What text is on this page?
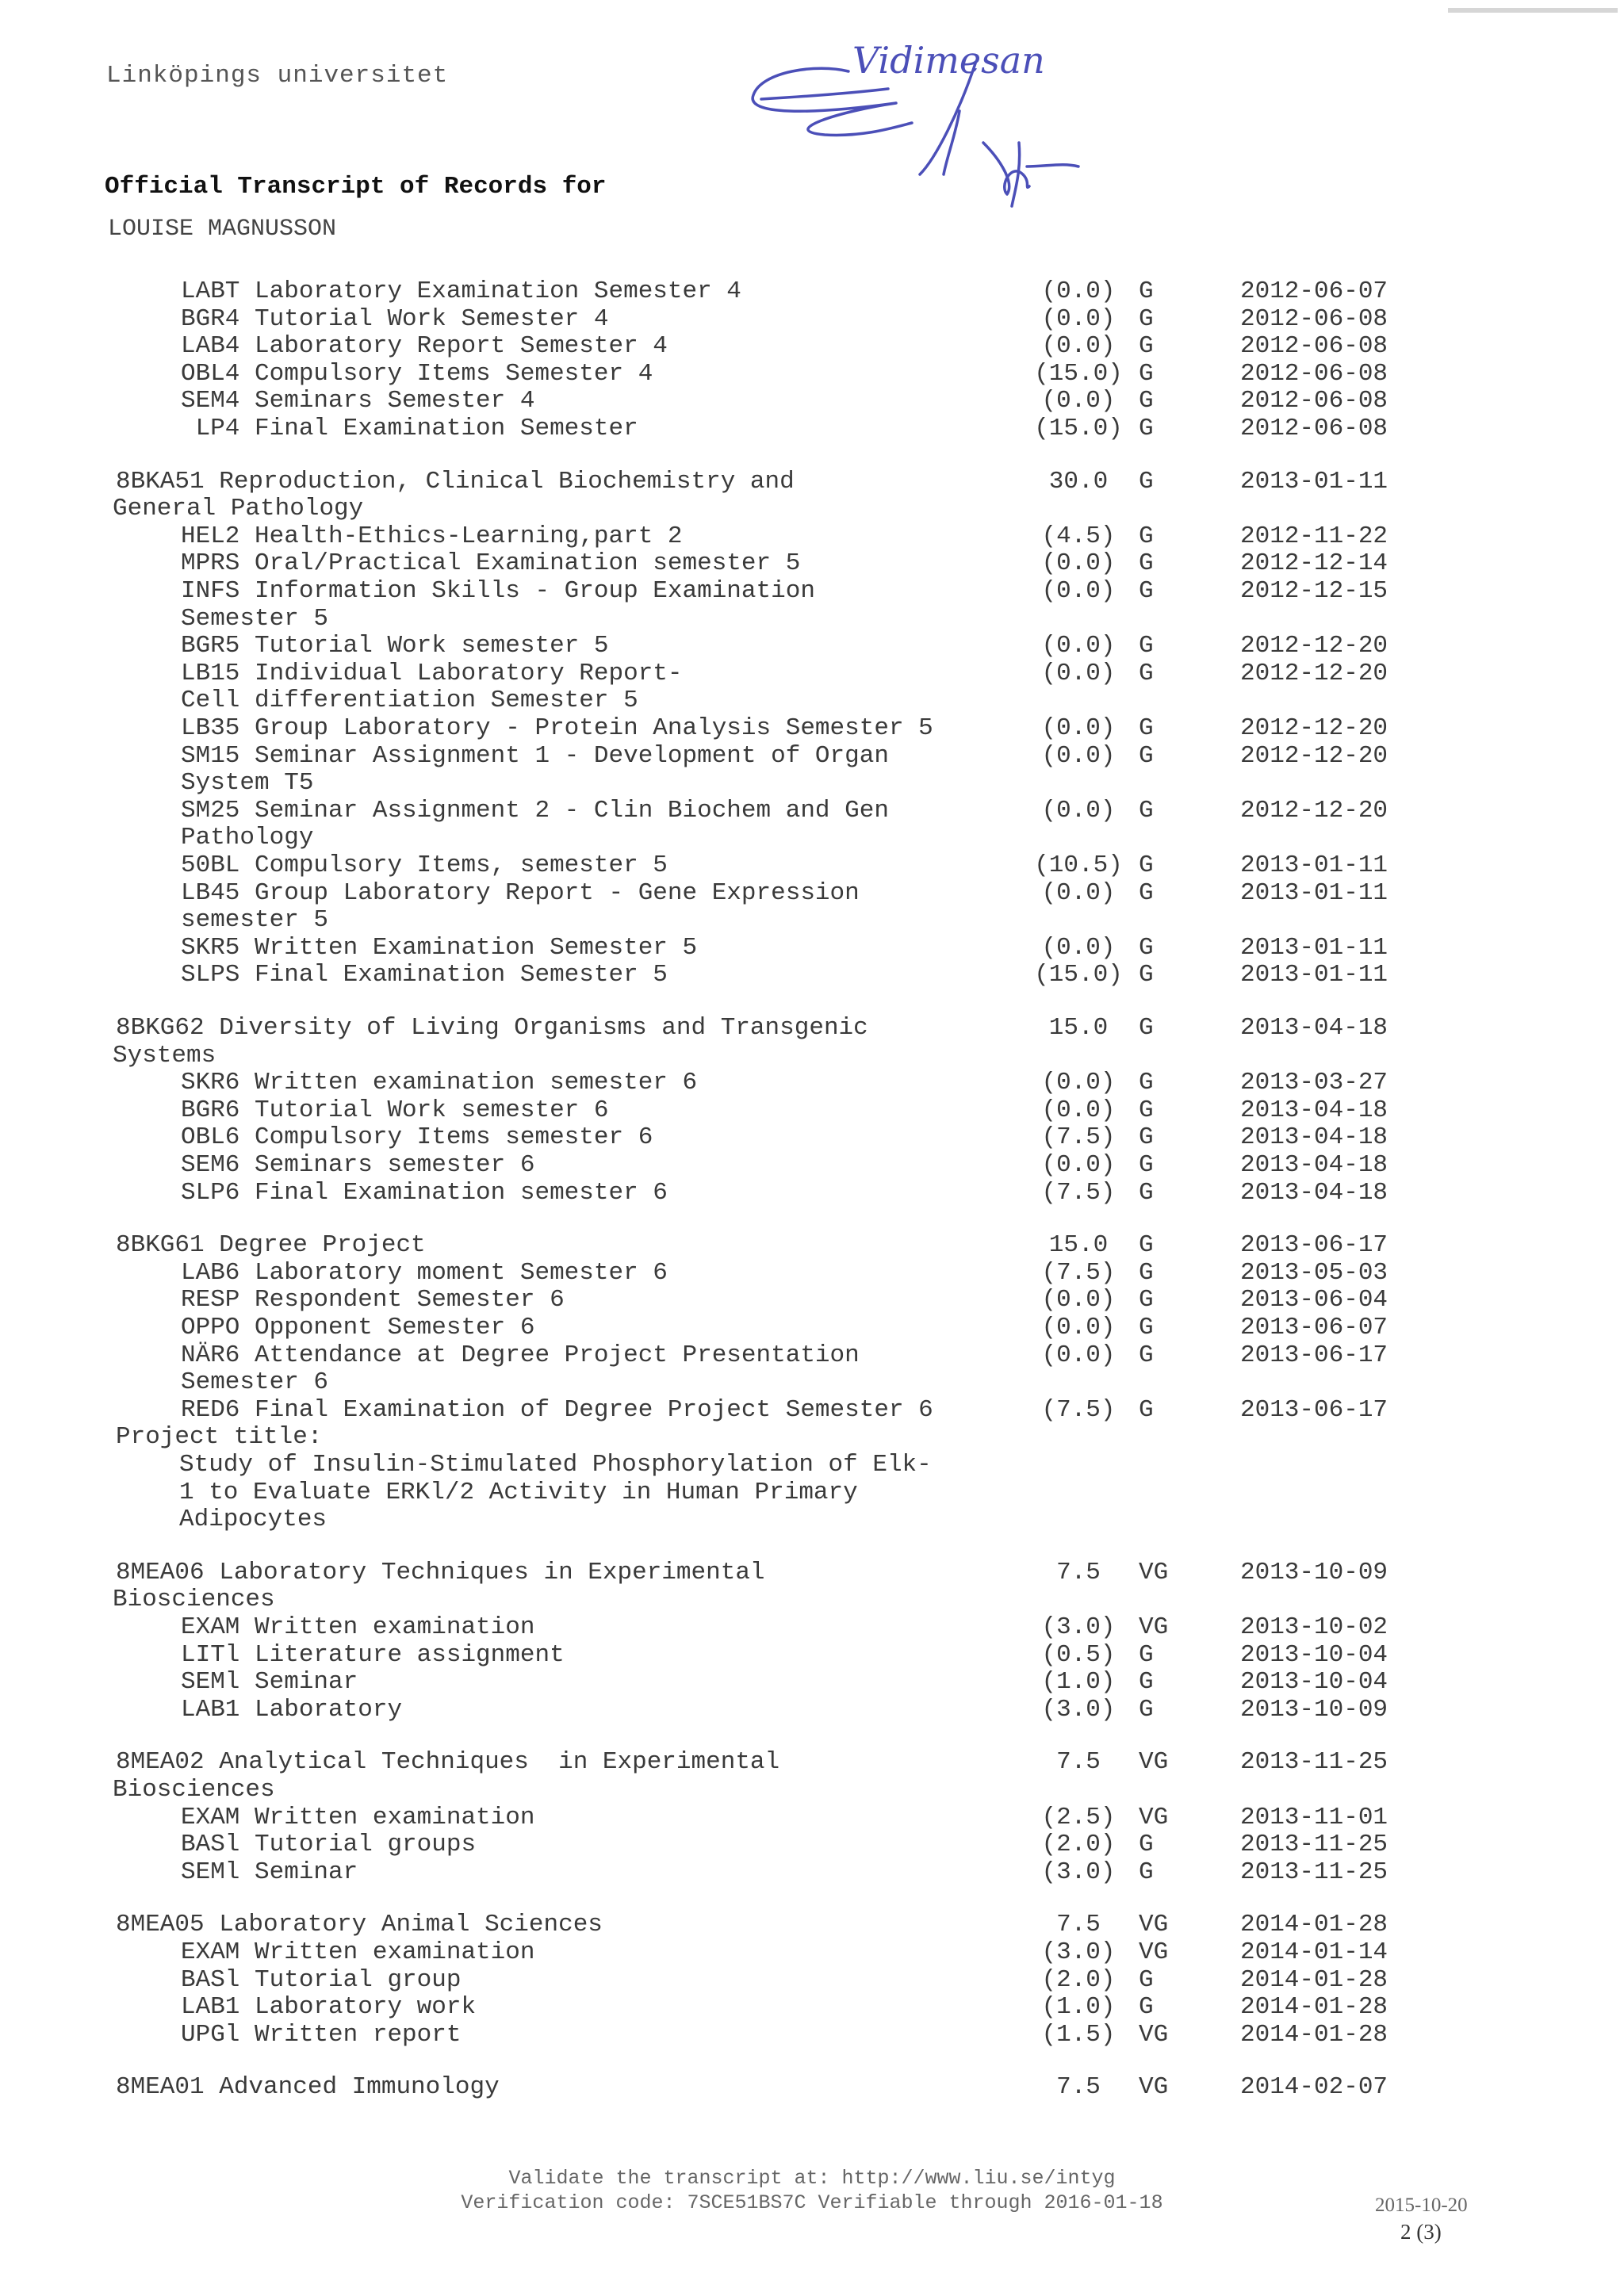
Linköpings universitet	Vidimesan
Official Transcript of Records for
LOUISE MAGNUSSON
LABT Laboratory Examination Semester 4	(0.0) G	2012-06-07
BGR4 Tutorial Work Semester 4	(0.0) G	2012-06-08
LAB4 Laboratory Report Semester 4	(0.0) G	2012-06-08
OBL4 Compulsory Items Semester 4	(15.0) G	2012-06-08
SEM4 Seminars Semester 4	(0.0) G	2012-06-08
LP4 Final Examination Semester	(15.0) G	2012-06-08
8BKA51 Reproduction, Clinical Biochemistry and	30.0	G	2013-01-11
General Pathology
HEL2 Health-Ethics-Learning,part 2	(4.5) G	2012-11-22
MPRS Oral/Practical Examination semester 5	(0.0) G	2012-12-14
INFS Information Skills - Group Examination	(0.0) G	2012-12-15
Semester 5
BGR5 Tutorial Work semester 5	(0.0) G	2012-12-20
LB15 Individual Laboratory Report-	(0.0) G	2012-12-20
Cell differentiation Semester 5
LB35 Group Laboratory - Protein Analysis Semester 5	(0.0) G	2012-12-20
SM15 Seminar Assignment 1 - Development of Organ	(0.0) G	2012-12-20
System T5
SM25 Seminar Assignment 2 - Clin Biochem and Gen	(0.0) G	2012-12-20
Pathology
50BL Compulsory Items, semester 5	(10.5) G	2013-01-11
LB45 Group Laboratory Report - Gene Expression	(0.0) G	2013-01-11
semester 5
SKR5 Written Examination Semester 5	(0.0) G	2013-01-11
SLPS Final Examination Semester 5	(15.0) G	2013-01-11
8BKG62 Diversity of Living Organisms and Transgenic	15.0	G	2013-04-18
Systems
SKR6 Written examination semester 6	(0.0) G	2013-03-27
BGR6 Tutorial Work semester 6	(0.0) G	2013-04-18
OBL6 Compulsory Items semester 6	(7.5) G	2013-04-18
SEM6 Seminars semester 6	(0.0) G	2013-04-18
SLP6 Final Examination semester 6	(7.5) G	2013-04-18
8BKG61 Degree Project	15.0	G	2013-06-17
LAB6 Laboratory moment Semester 6	(7.5) G	2013-05-03
RESP Respondent Semester 6	(0.0) G	2013-06-04
OPPO Opponent Semester 6	(0.0) G	2013-06-07
NÄR6 Attendance at Degree Project Presentation	(0.0) G	2013-06-17
Semester 6
RED6 Final Examination of Degree Project Semester 6	(7.5) G	2013-06-17
Project title:
Study of Insulin-Stimulated Phosphorylation of Elk-
1 to Evaluate ERKl/2 Activity in Human Primary
Adipocytes
8MEA06 Laboratory Techniques in Experimental	7.5	VG	2013-10-09
Biosciences
EXAM Written examination	(3.0) VG	2013-10-02
LITl Literature assignment	(0.5) G	2013-10-04
SEMl Seminar	(1.0) G	2013-10-04
LAB1 Laboratory	(3.0) G	2013-10-09
8MEA02 Analytical Techniques  in Experimental	7.5	VG	2013-11-25
Biosciences
EXAM Written examination	(2.5) VG	2013-11-01
BASl Tutorial groups	(2.0) G	2013-11-25
SEMl Seminar	(3.0) G	2013-11-25
8MEA05 Laboratory Animal Sciences	7.5	VG	2014-01-28
EXAM Written examination	(3.0) VG	2014-01-14
BASl Tutorial group	(2.0) G	2014-01-28
LAB1 Laboratory work	(1.0) G	2014-01-28
UPGl Written report	(1.5) VG	2014-01-28
8MEA01 Advanced Immunology	7.5	VG	2014-02-07
Validate the transcript at: http://www.liu.se/intyg
Verification code: 7SCE51BS7C Verifiable through 2016-01-18	2015-10-20
2 (3)
